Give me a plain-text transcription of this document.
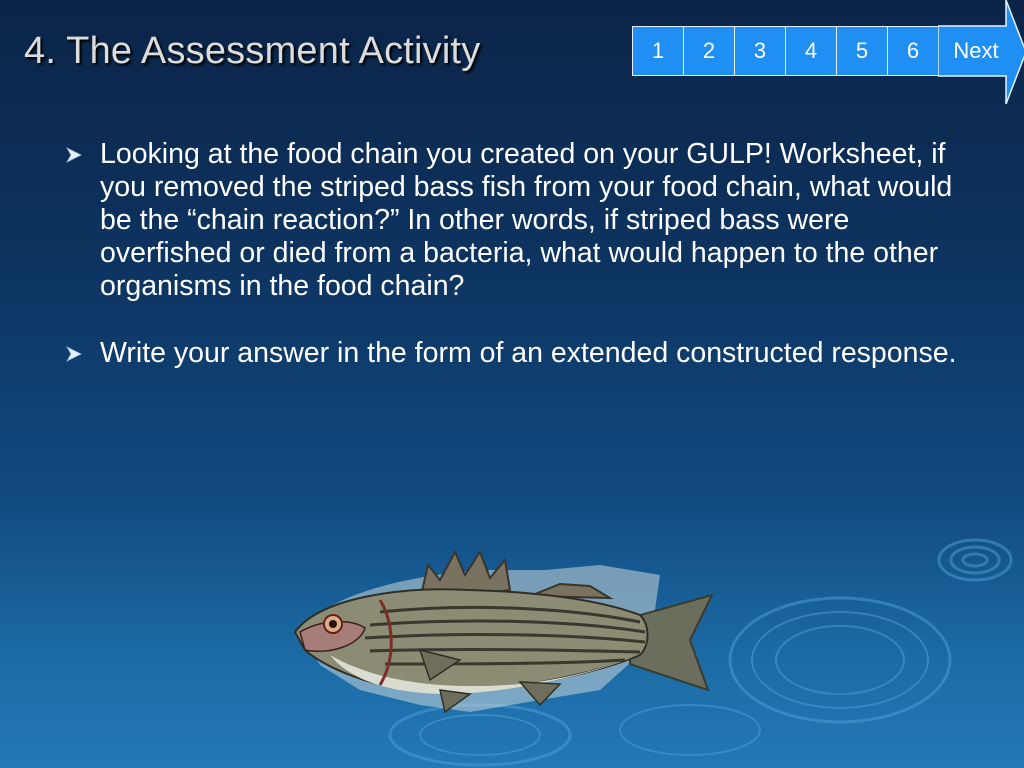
4. The Assessment Activity	1	2	3	4	5	6	Next
Looking at the food chain you created on your GULP! Worksheet, if you removed the striped bass fish from your food chain, what would be the “chain reaction?” In other words, if striped bass were overfished or died from a bacteria, what would happen to the other organisms in the food chain?
Write your answer in the form of an extended constructed response.
